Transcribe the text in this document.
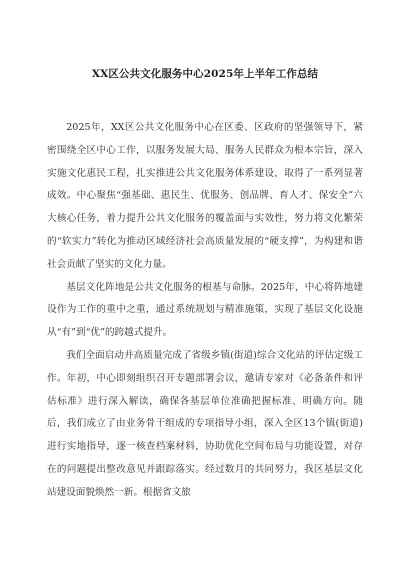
XX区公共文化服务中心2025年上半年工作总结

2025年，XX区公共文化服务中心在区委、区政府的坚强领导下，紧密围绕全区中心工作，以服务发展大局、服务人民群众为根本宗旨，深入实施文化惠民工程，扎实推进公共文化服务体系建设，取得了一系列显著成效。中心聚焦“强基础、惠民生、优服务、创品牌、育人才、保安全”六大核心任务，着力提升公共文化服务的覆盖面与实效性，努力将文化繁荣的“软实力”转化为推动区域经济社会高质量发展的“硬支撑”，为构建和谐社会贡献了坚实的文化力量。

基层文化阵地是公共文化服务的根基与命脉。2025年，中心将阵地建设作为工作的重中之重，通过系统规划与精准施策，实现了基层文化设施从“有”到“优”的跨越式提升。

我们全面启动并高质量完成了省级乡镇(街道)综合文化站的评估定级工作。年初，中心即刻组织召开专题部署会议，邀请专家对《必备条件和评估标准》进行深入解读，确保各基层单位准确把握标准、明确方向。随后，我们成立了由业务骨干组成的专项指导小组，深入全区13个镇(街道)进行实地指导，逐一核查档案材料，协助优化空间布局与功能设置，对存在的问题提出整改意见并跟踪落实。经过数月的共同努力，我区基层文化站建设面貌焕然一新。根据省文旅
